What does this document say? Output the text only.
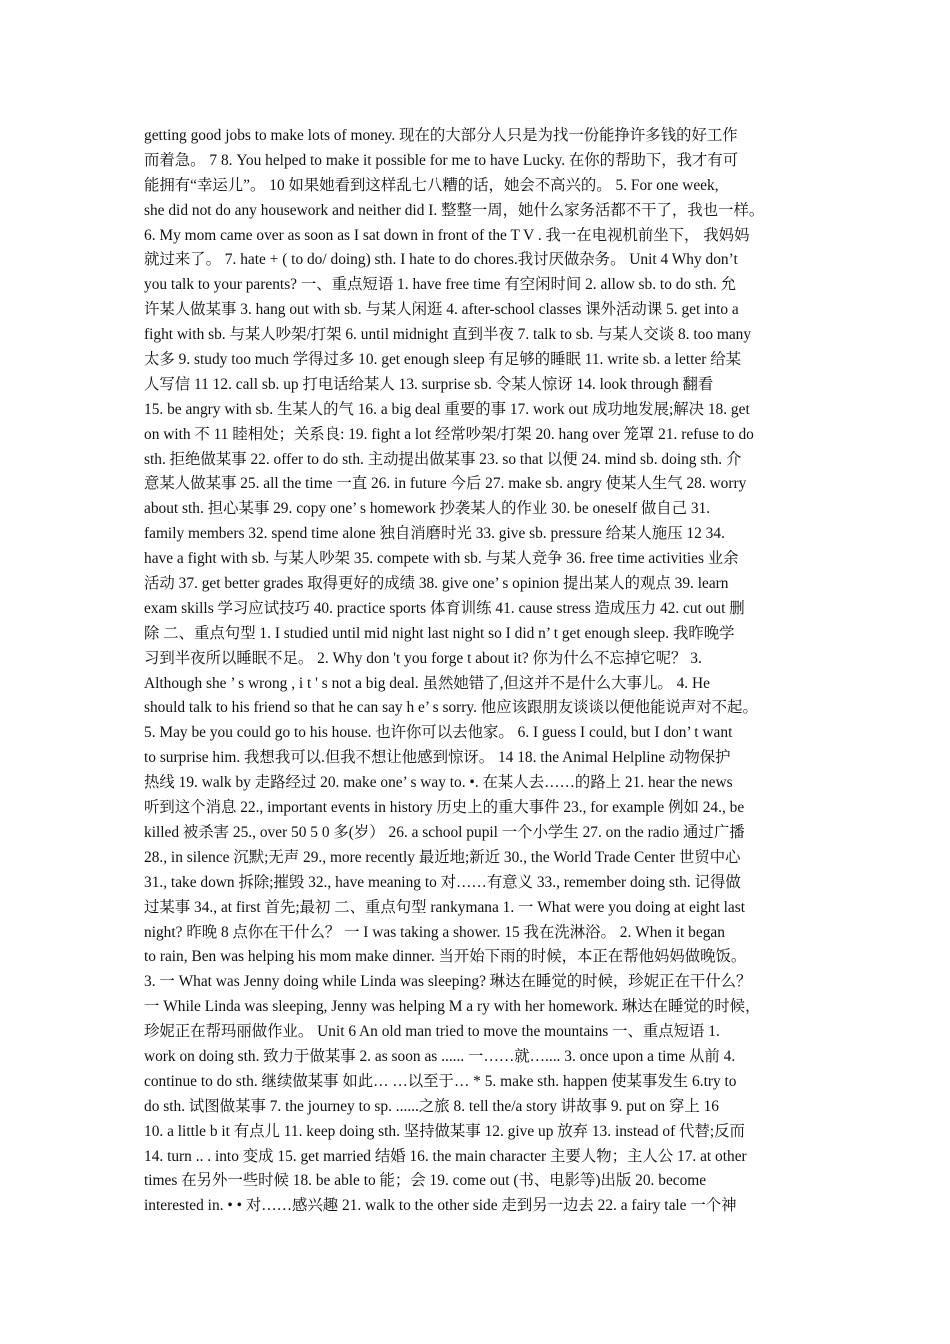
getting good jobs to make lots of money. 现在的大部分人只是为找一份能挣许多钱的好工作
而着急。 7 8. You helped to make it possible for me to have Lucky. 在你的帮助下，我才有可
能拥有“幸运儿”。 10 如果她看到这样乱七八糟的话，她会不高兴的。 5. For one week,
she did not do any housework and neither did I. 整整一周，她什么家务活都不干了，我也一样。
6. My mom came over as soon as I sat down in front of the T V . 我一在电视机前坐下， 我妈妈
就过来了。 7. hate + ( to do/ doing) sth. I hate to do chores.我讨厌做杂务。 Unit 4 Why don’t
you talk to your parents? 一、重点短语 1. have free time 有空闲时间 2. allow sb. to do sth. 允
许某人做某事 3. hang out with sb. 与某人闲逛 4. after-school classes 课外活动课 5. get into a
fight with sb. 与某人吵架/打架 6. until midnight 直到半夜 7. talk to sb. 与某人交谈 8. too many
太多 9. study too much 学得过多 10. get enough sleep 有足够的睡眠 11. write sb. a letter 给某
人写信 11 12. call sb. up 打电话给某人 13. surprise sb. 令某人惊讶 14. look through 翻看
15. be angry with sb. 生某人的气 16. a big deal 重要的事 17. work out 成功地发展;解决 18. get
on with 不 11 睦相处；关系良: 19. fight a lot 经常吵架/打架 20. hang over 笼罩 21. refuse to do
sth. 拒绝做某事 22. offer to do sth. 主动提出做某事 23. so that 以便 24. mind sb. doing sth. 介
意某人做某事 25. all the time 一直 26. in future 今后 27. make sb. angry 使某人生气 28. worry
about sth. 担心某事 29. copy one’ s homework 抄袭某人的作业 30. be oneself 做自己 31.
family members 32. spend time alone 独自消磨时光 33. give sb. pressure 给某人施压 12 34.
have a fight with sb. 与某人吵架 35. compete with sb. 与某人竞争 36. free time activities 业余
活动 37. get better grades 取得更好的成绩 38. give one’ s opinion 提出某人的观点 39. learn
exam skills 学习应试技巧 40. practice sports 体育训练 41. cause stress 造成压力 42. cut out 删
除 二、重点句型 1. I studied until mid night last night so I did n’ t get enough sleep. 我昨晚学
习到半夜所以睡眠不足。 2. Why don 't you forge t about it? 你为什么不忘掉它呢？ 3.
Although she ’ s wrong , i t ' s not a big deal. 虽然她错了,但这并不是什么大事儿。 4. He
should talk to his friend so that he can say h e’ s sorry. 他应该跟朋友谈谈以便他能说声对不起。
5. May be you could go to his house. 也许你可以去他家。 6. I guess I could, but I don’ t want
to surprise him. 我想我可以.但我不想让他感到惊讶。 14 18. the Animal Helpline 动物保护
热线 19. walk by 走路经过 20. make one’ s way to. •. 在某人去……的路上 21. hear the news
听到这个消息 22., important events in history 历史上的重大事件 23., for example 例如 24., be
killed 被杀害 25., over 50 5 0 多(岁） 26. a school pupil 一个小学生 27. on the radio 通过广播
28., in silence 沉默;无声 29., more recently 最近地;新近 30., the World Trade Center 世贸中心
31., take down 拆除;摧毁 32., have meaning to 对……有意义 33., remember doing sth. 记得做
过某事 34., at first 首先;最初 二、重点句型 rankymana 1. 一 What were you doing at eight last
night? 昨晚 8 点你在干什么？ 一 I was taking a shower. 15 我在洗淋浴。 2. When it began
to rain, Ben was helping his mom make dinner. 当开始下雨的时候，本正在帮他妈妈做晚饭。
3. 一 What was Jenny doing while Linda was sleeping? 琳达在睡觉的时候，珍妮正在干什么？
一 While Linda was sleeping, Jenny was helping M a ry with her homework. 琳达在睡觉的时候，
珍妮正在帮玛丽做作业。 Unit 6 An old man tried to move the mountains 一、重点短语 1.
work on doing sth. 致力于做某事 2. as soon as ...... 一……就….... 3. once upon a time 从前 4.
continue to do sth. 继续做某事 如此… …以至于… * 5. make sth. happen 使某事发生 6.try to
do sth. 试图做某事 7. the journey to sp. ......之旅 8. tell the/a story 讲故事 9. put on 穿上 16
10. a little b it 有点儿 11. keep doing sth. 坚持做某事 12. give up 放弃 13. instead of 代替;反而
14. turn .. . into 变成 15. get married 结婚 16. the main character 主要人物；主人公 17. at other
times 在另外一些时候 18. be able to 能；会 19. come out (书、电影等)出版 20. become
interested in. • • 对……感兴趣 21. walk to the other side 走到另一边去 22. a fairy tale 一个神
